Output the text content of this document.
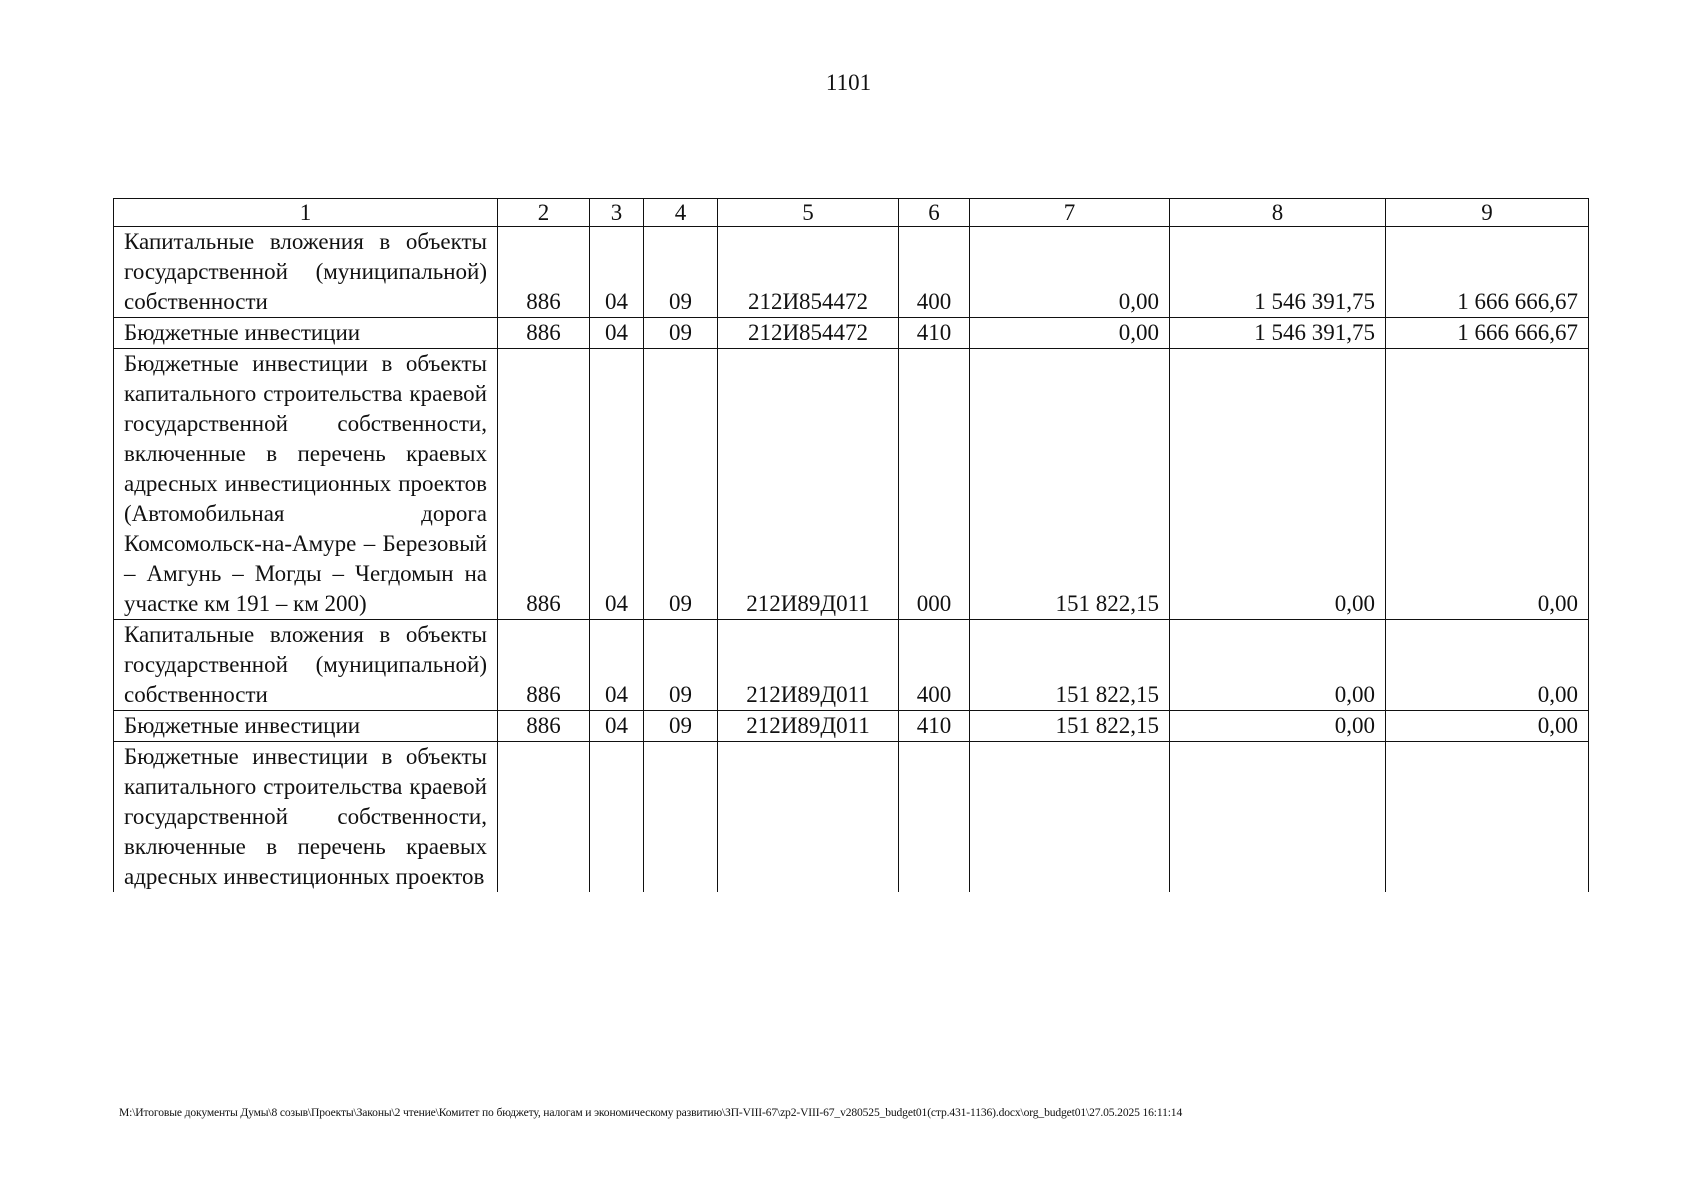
1101
1	2	3	4	5	6	7	8	9
Капитальные вложения в объекты государственной (муниципальной) собственности	886	04	09	212И854472	400	0,00	1 546 391,75	1 666 666,67
Бюджетные инвестиции	886	04	09	212И854472	410	0,00	1 546 391,75	1 666 666,67
Бюджетные инвестиции в объекты капитального строительства краевой государственной собственности, включенные в перечень краевых адресных инвестиционных проектов (Автомобильная дорога Комсомольск-на-Амуре – Березовый – Амгунь – Могды – Чегдомын на участке км 191 – км 200)	886	04	09	212И89Д011	000	151 822,15	0,00	0,00
Капитальные вложения в объекты государственной (муниципальной) собственности	886	04	09	212И89Д011	400	151 822,15	0,00	0,00
Бюджетные инвестиции	886	04	09	212И89Д011	410	151 822,15	0,00	0,00
Бюджетные инвестиции в объекты капитального строительства краевой государственной собственности, включенные в перечень краевых адресных инвестиционных проектов								
M:\Итоговые документы Думы\8 созыв\Проекты\Законы\2 чтение\Комитет по бюджету, налогам и экономическому развитию\ЗП-VIII-67\zp2-VIII-67_v280525_budget01(стр.431-1136).docx\org_budget01\27.05.2025 16:11:14
